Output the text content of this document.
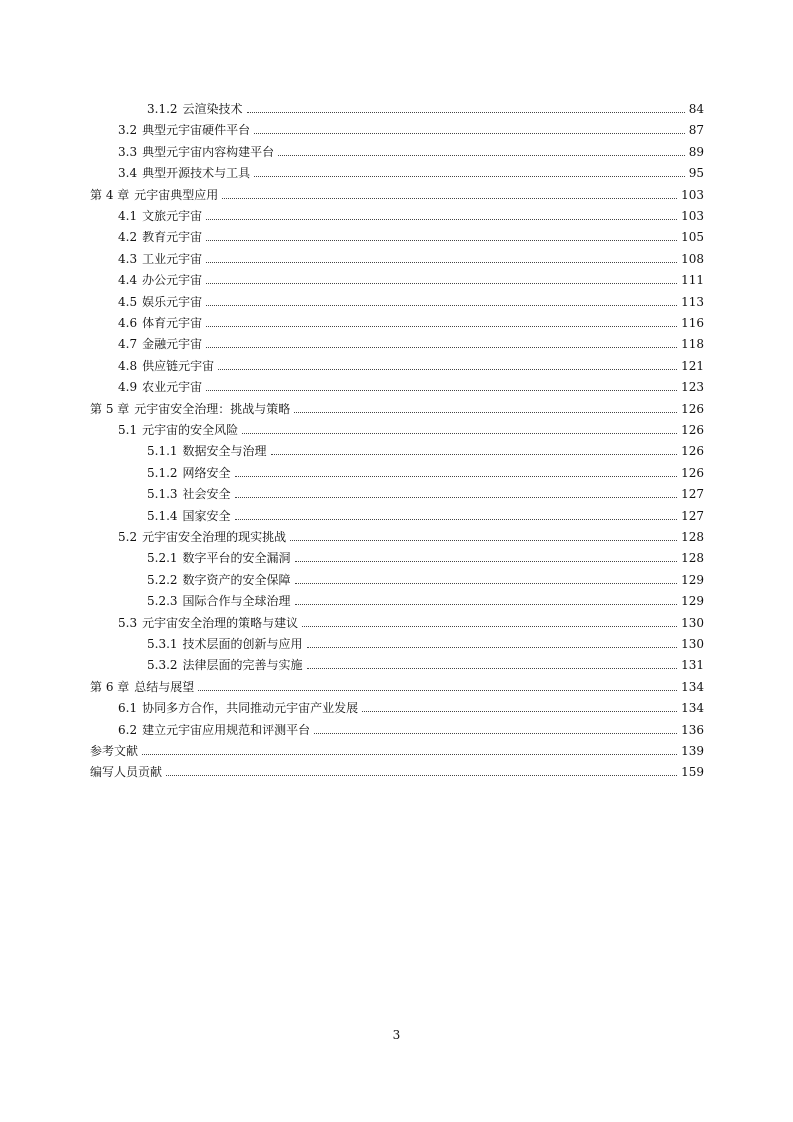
3.1.2 云渲染技术	84
3.2 典型元宇宙硬件平台	87
3.3 典型元宇宙内容构建平台	89
3.4 典型开源技术与工具	95
第 4 章 元宇宙典型应用	103
4.1 文旅元宇宙	103
4.2 教育元宇宙	105
4.3 工业元宇宙	108
4.4 办公元宇宙	111
4.5 娱乐元宇宙	113
4.6 体育元宇宙	116
4.7 金融元宇宙	118
4.8 供应链元宇宙	121
4.9 农业元宇宙	123
第 5 章 元宇宙安全治理：挑战与策略	126
5.1 元宇宙的安全风险	126
5.1.1 数据安全与治理	126
5.1.2 网络安全	126
5.1.3 社会安全	127
5.1.4 国家安全	127
5.2 元宇宙安全治理的现实挑战	128
5.2.1 数字平台的安全漏洞	128
5.2.2 数字资产的安全保障	129
5.2.3 国际合作与全球治理	129
5.3 元宇宙安全治理的策略与建议	130
5.3.1 技术层面的创新与应用	130
5.3.2 法律层面的完善与实施	131
第 6 章 总结与展望	134
6.1 协同多方合作，共同推动元宇宙产业发展	134
6.2 建立元宇宙应用规范和评测平台	136
参考文献	139
编写人员贡献	159
3
